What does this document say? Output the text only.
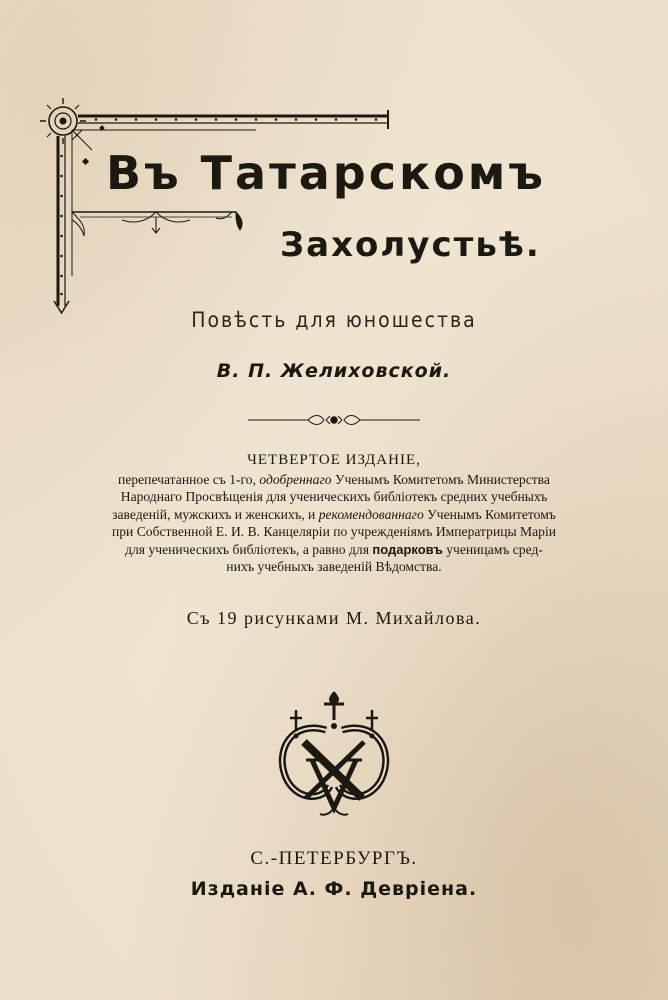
Въ Татарскомъ
Захолустьѣ.
Повѣсть для юношества
В. П. Желиховской.
ЧЕТВЕРТОЕ ИЗДАНІЕ,
перепечатанное съ 1-го, одобреннаго Ученымъ Комитетомъ Министерства
Народнаго Просвѣщенія для ученическихъ библіотекъ средних учебныхъ
заведеній, мужскихъ и женскихъ, и рекомендованнаго Ученымъ Комитетомъ
при Собственной Е. И. В. Канцеляріи по учрежденіямъ Императрицы Маріи
для ученическихъ библіотекъ, а равно для подарковъ ученицамъ сред-
нихъ учебныхъ заведеній Вѣдомства.
Съ 19 рисунками М. Михайлова.
С.-ПЕТЕРБУРГЪ.
Изданіе А. Ф. Девріена.
